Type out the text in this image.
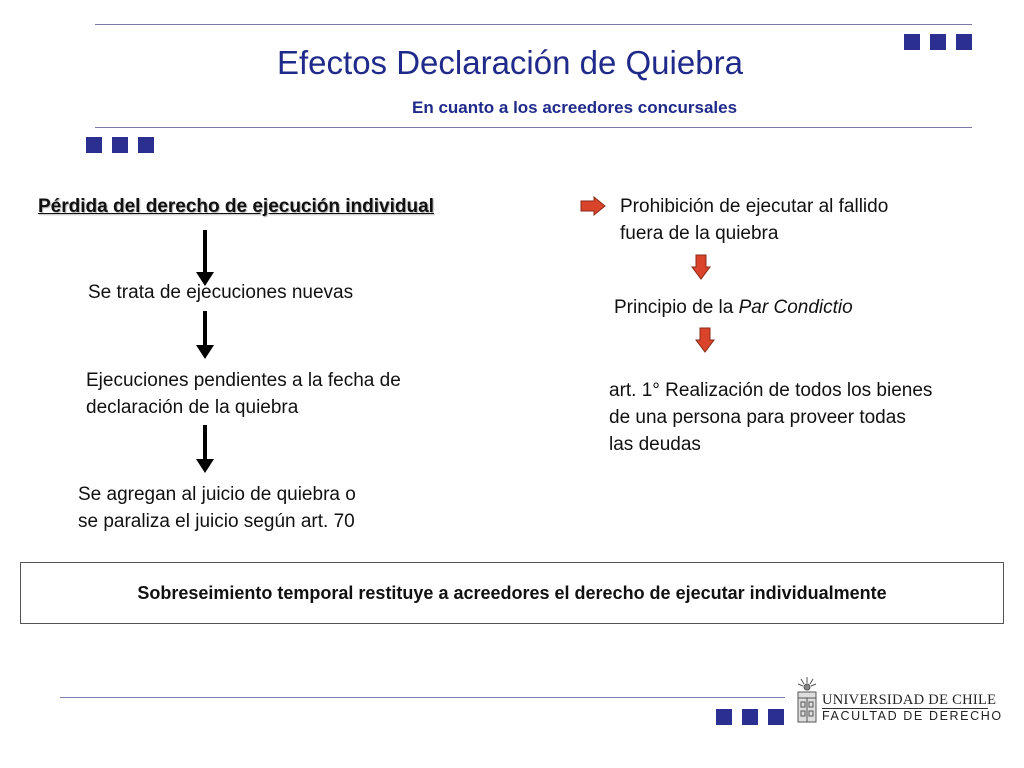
Efectos Declaración de Quiebra
En cuanto a los acreedores concursales
Pérdida del derecho de ejecución individual
Se trata de ejecuciones nuevas
Ejecuciones pendientes a la fecha de
declaración de la quiebra
Se agregan al juicio de quiebra o
se paraliza el juicio según art. 70
Prohibición de ejecutar al fallido
fuera de la quiebra
Principio de la Par Condictio
art. 1° Realización de todos los bienes
de una persona para proveer todas
las deudas
Sobreseimiento temporal restituye a acreedores el derecho de ejecutar individualmente
UNIVERSIDAD DE CHILE
FACULTAD DE DERECHO
